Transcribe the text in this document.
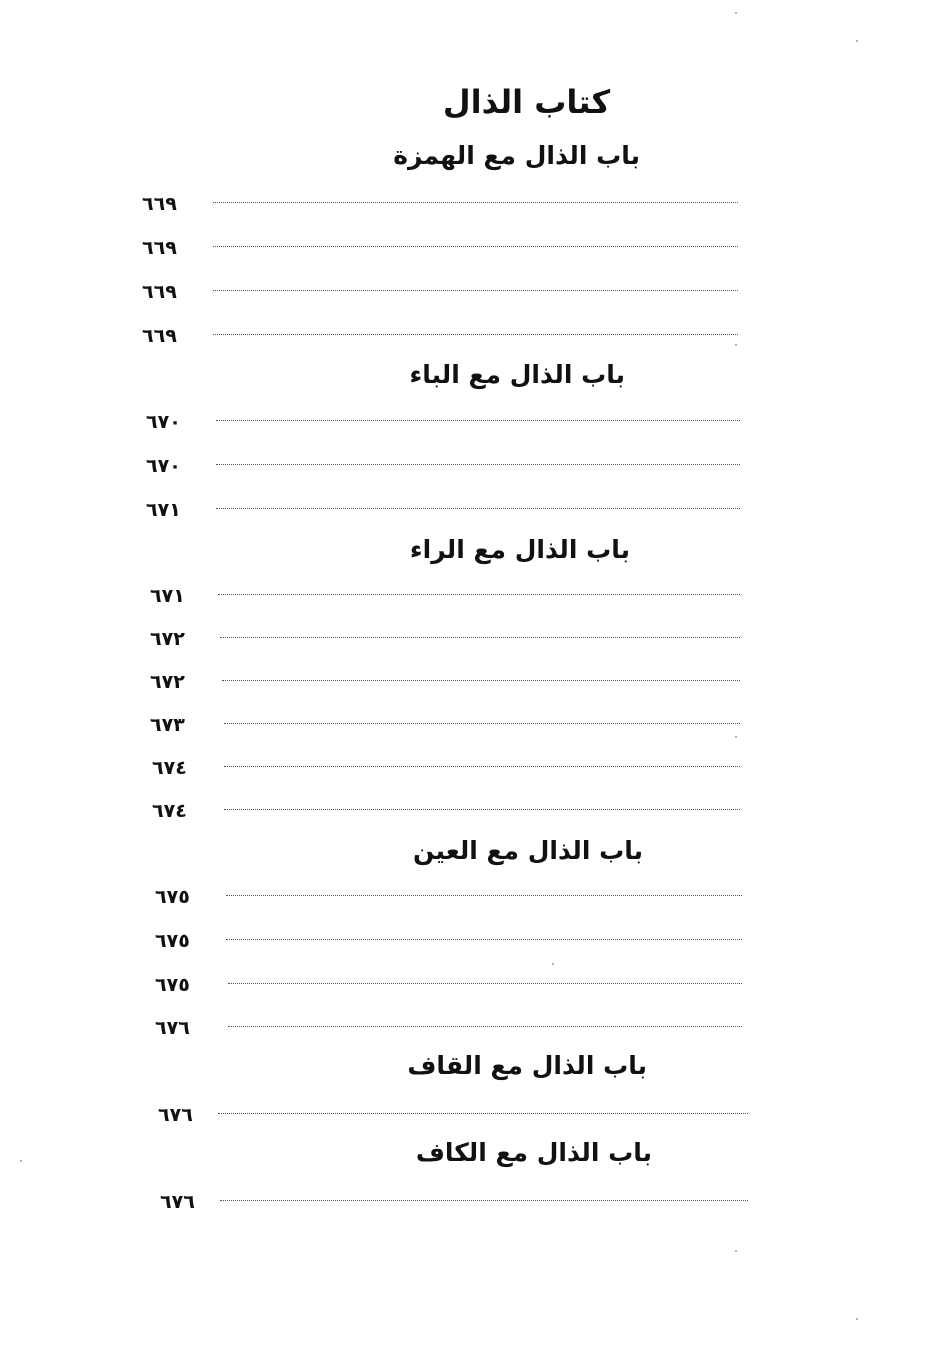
كتاب الذال
باب الذال مع الهمزة
٦٦٩
٦٦٩
٦٦٩
٦٦٩
باب الذال مع الباء
٦٧٠
٦٧٠
٦٧١
باب الذال مع الراء
٦٧١
٦٧٢
٦٧٢
٦٧٣
٦٧٤
٦٧٤
باب الذال مع العين
٦٧٥
٦٧٥
٦٧٥
٦٧٦
باب الذال مع القاف
٦٧٦
باب الذال مع الكاف
٦٧٦
